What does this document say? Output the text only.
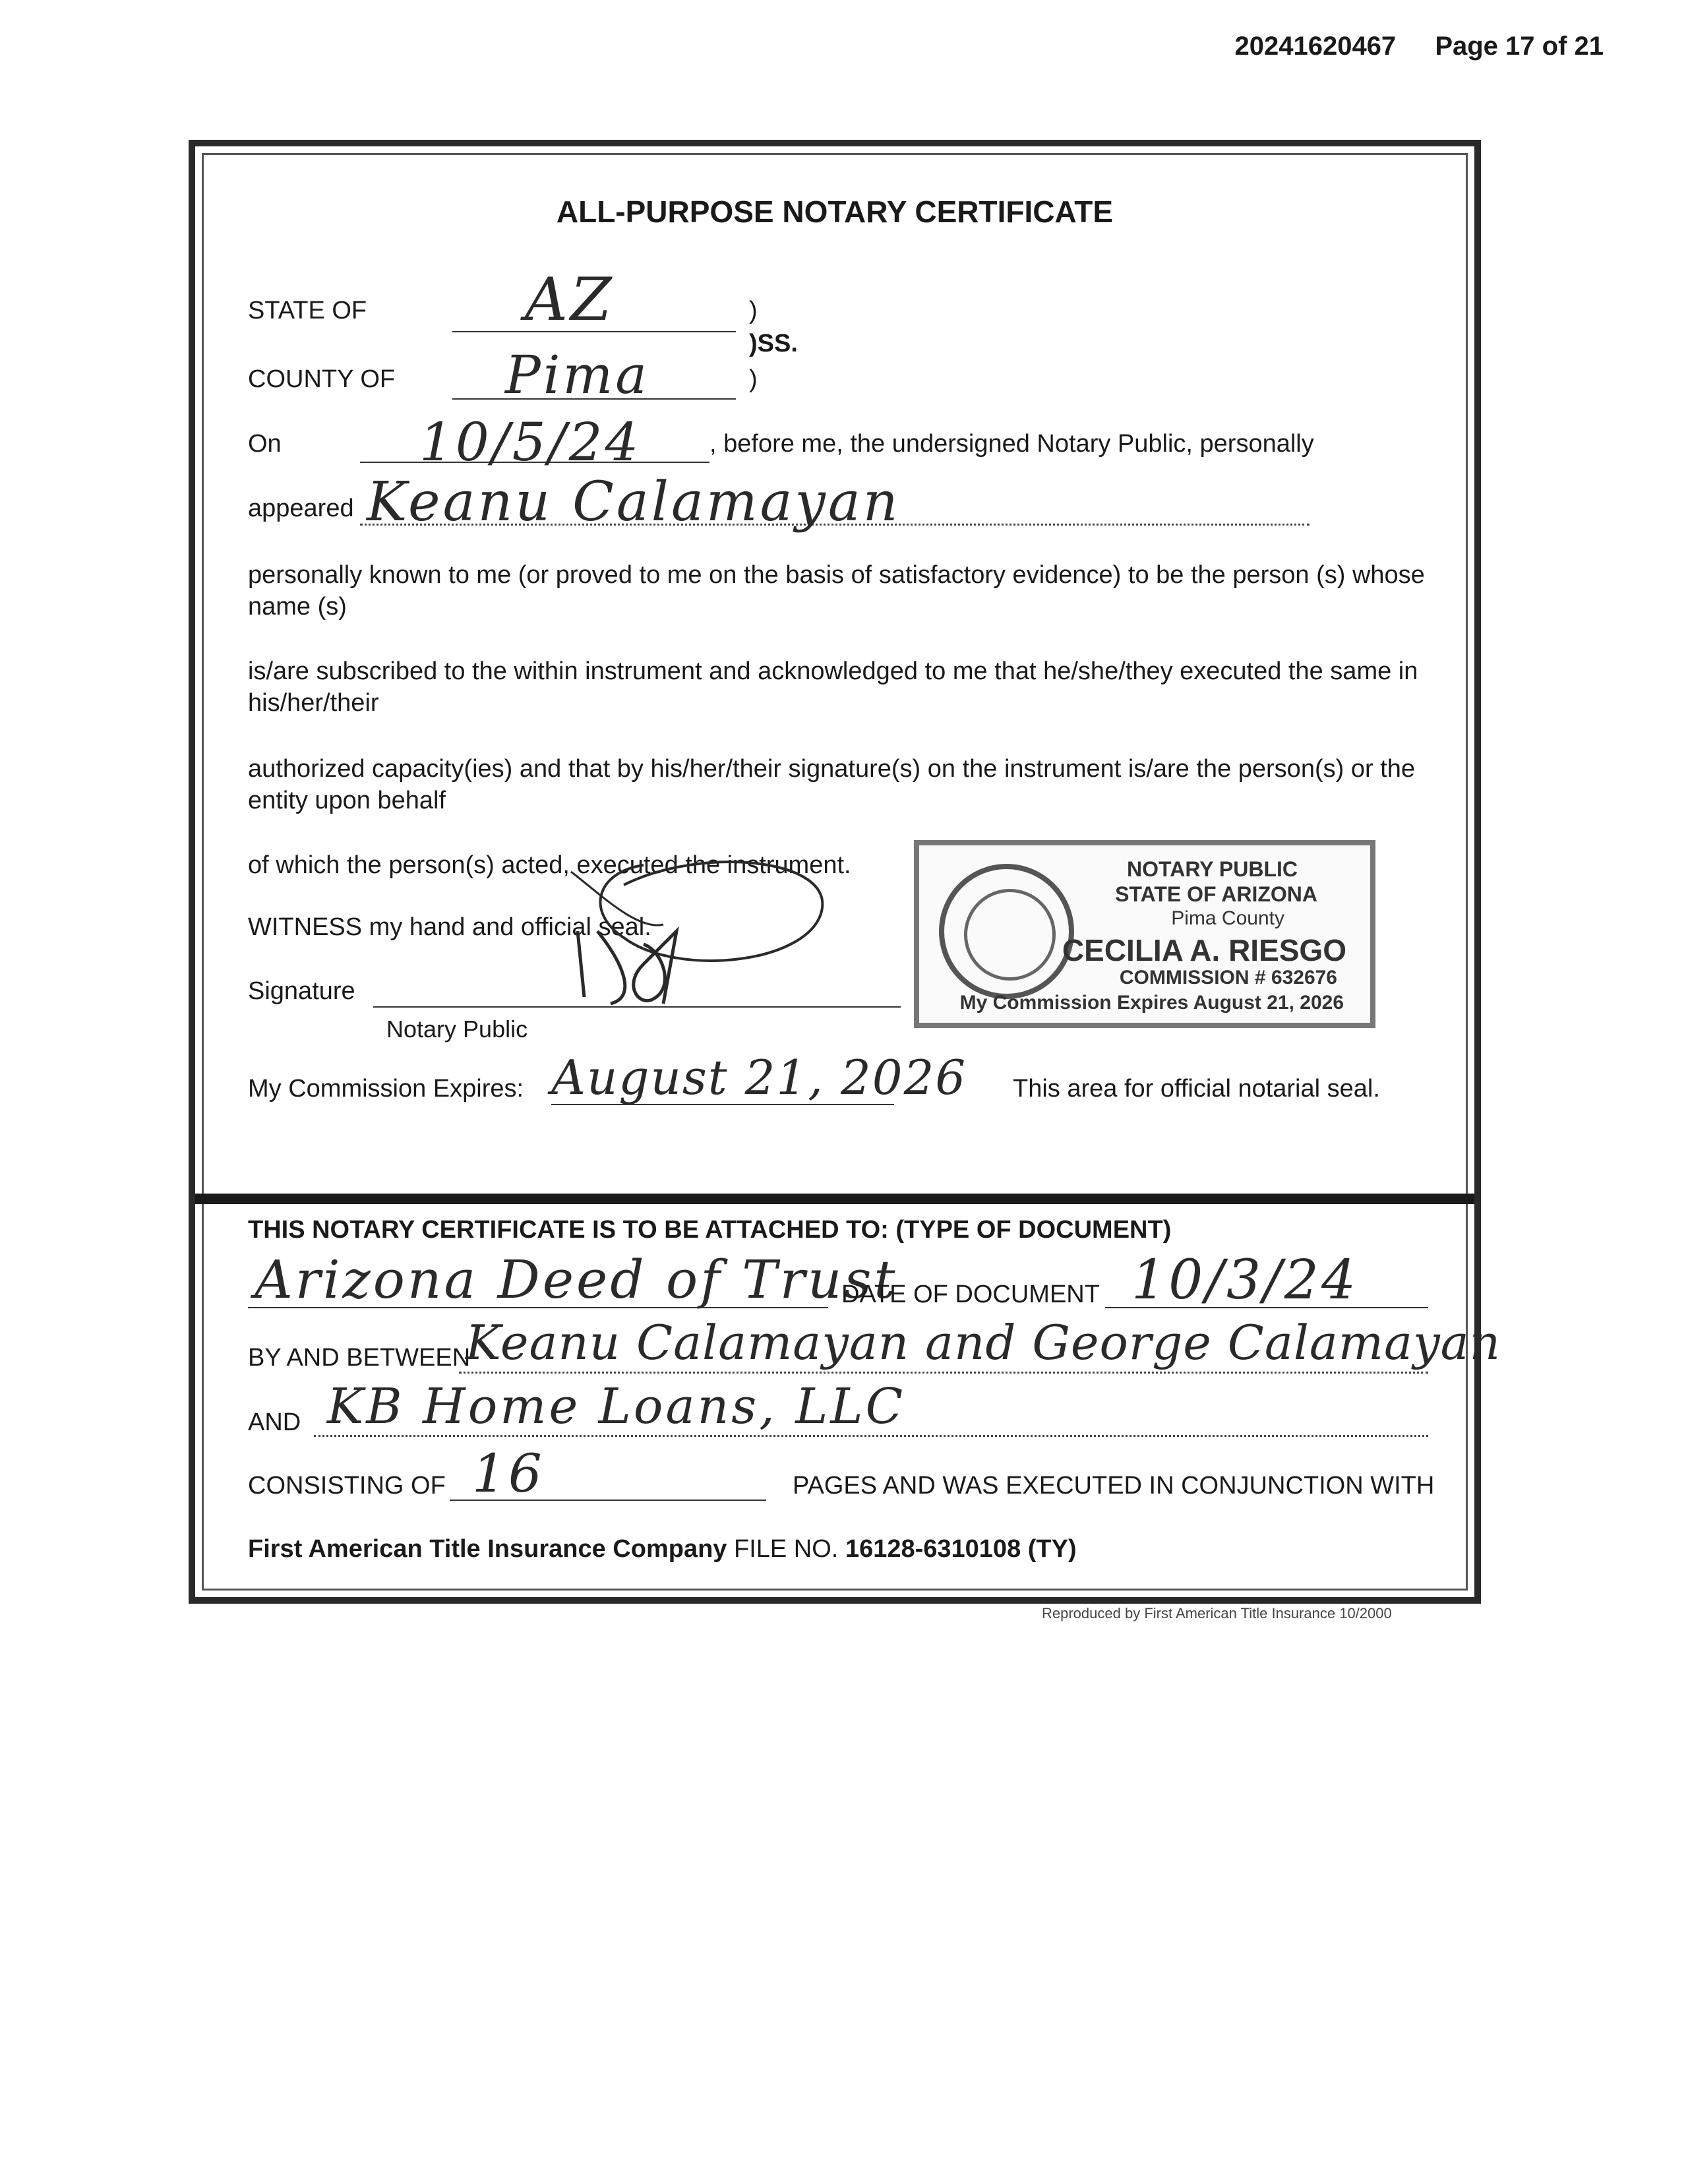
20241620467 Page 17 of 21
ALL-PURPOSE NOTARY CERTIFICATE
STATE OF	AZ	)
)SS.
COUNTY OF Pima	)
On	10/5/24	, before me, the undersigned Notary Public, personally
appeared Keanu Calamayan
personally known to me (or proved to me on the basis of satisfactory evidence) to be the person (s) whose name (s)
is/are subscribed to the within instrument and acknowledged to me that he/she/they executed the same in his/her/their
authorized capacity(ies) and that by his/her/their signature(s) on the instrument is/are the person(s) or the entity upon behalf
of which the person(s) acted, executed the instrument.
WITNESS my hand and official seal.
Signature
Notary Public
My Commission Expires: August 21, 2026 This area for official notarial seal.
NOTARY PUBLIC
STATE OF ARIZONA
Pima County
CECILIA A. RIESGO
COMMISSION # 632676
My Commission Expires August 21, 2026
THIS NOTARY CERTIFICATE IS TO BE ATTACHED TO: (TYPE OF DOCUMENT)
Arizona Deed of Trust
DATE OF DOCUMENT 10/3/24
BY AND BETWEEN
Keanu Calamayan and George Calamayan
AND KB Home Loans, LLC
CONSISTING OF 16	PAGES AND WAS EXECUTED IN CONJUNCTION WITH
First American Title Insurance Company FILE NO. 16128-6310108 (TY)
Reproduced by First American Title Insurance 10/2000
